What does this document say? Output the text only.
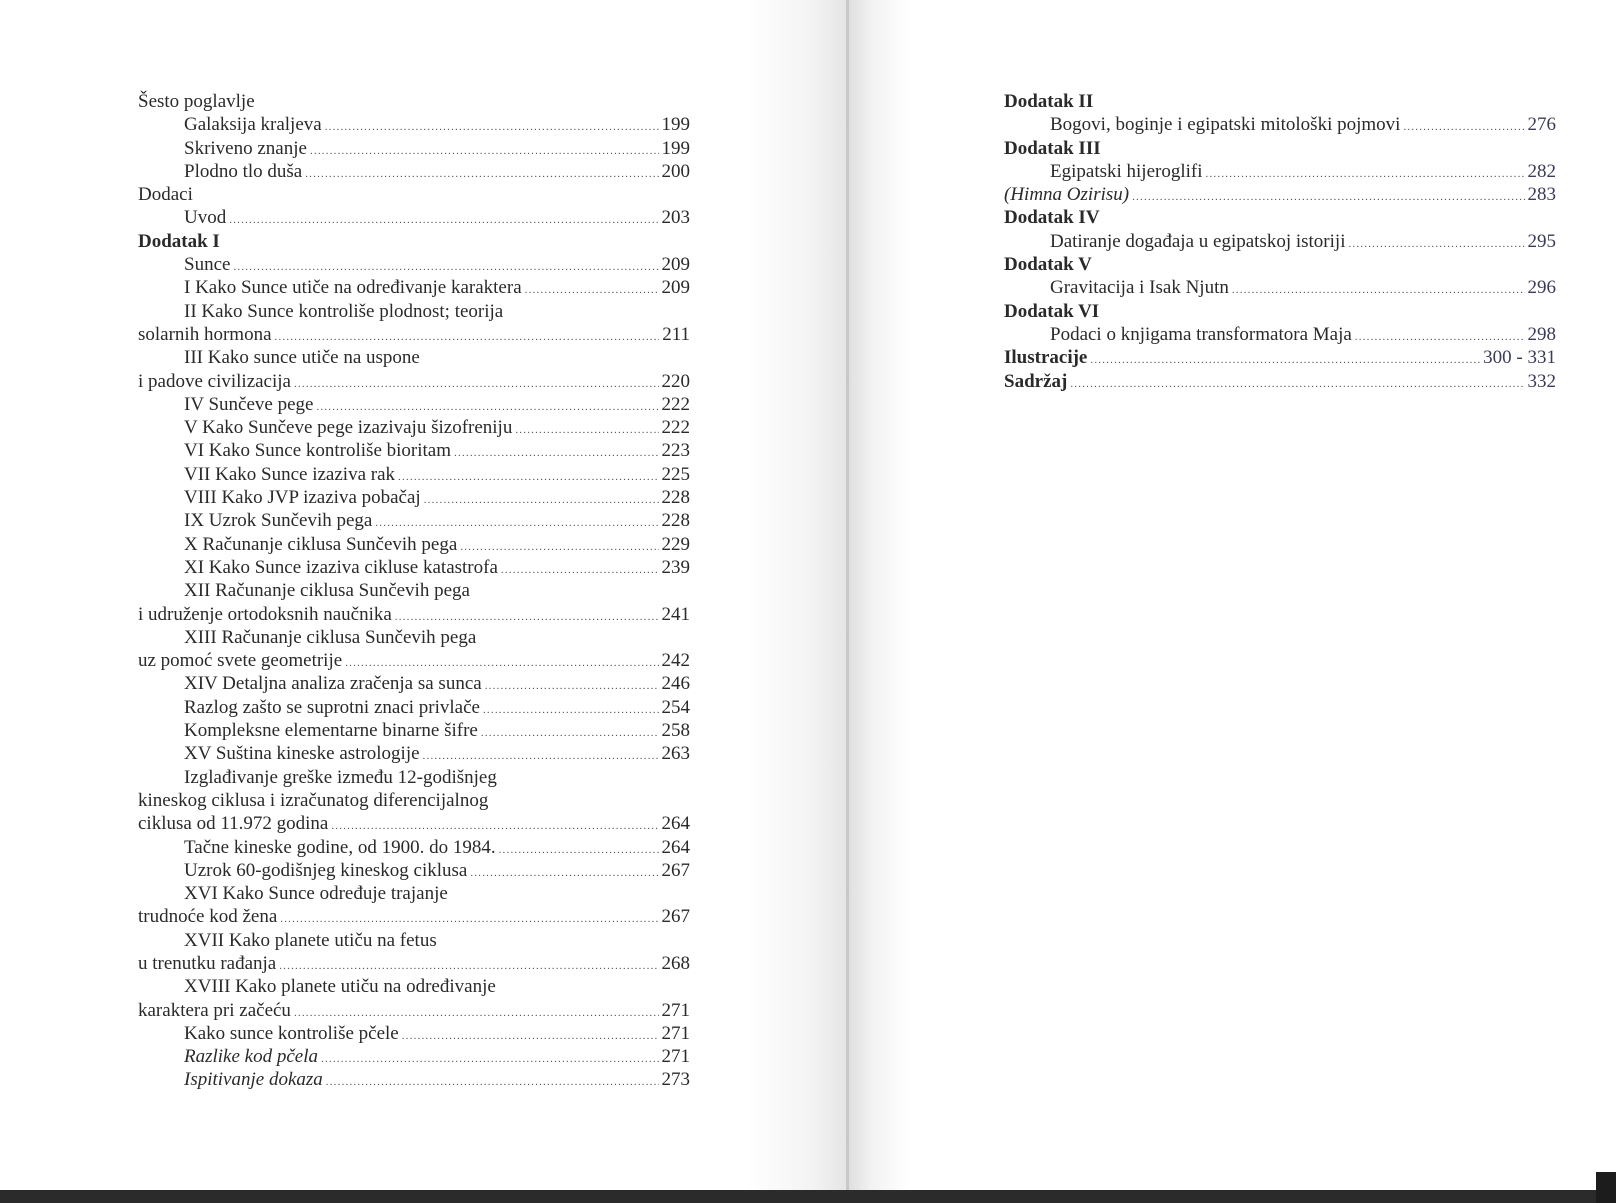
Šesto poglavlje
Galaksija kraljeva .....	199
Skriveno znanje .....	199
Plodno tlo duša .....	200
Dodaci
Uvod .....	203
Dodatak I
Sunce .....	209
I Kako Sunce utiče na određivanje karaktera .....	209
II Kako Sunce kontroliše plodnost; teorija
solarnih hormona .....	211
III Kako sunce utiče na uspone
i padove civilizacija .....	220
IV Sunčeve pege .....	222
V Kako Sunčeve pege izazivaju šizofreniju .....	222
VI Kako Sunce kontroliše bioritam .....	223
VII Kako Sunce izaziva rak .....	225
VIII Kako JVP izaziva pobačaj .....	228
IX Uzrok Sunčevih pega .....	228
X Računanje ciklusa Sunčevih pega .....	229
XI Kako Sunce izaziva cikluse katastrofa .....	239
XII Računanje ciklusa Sunčevih pega
i udruženje ortodoksnih naučnika .....	241
XIII Računanje ciklusa Sunčevih pega
uz pomoć svete geometrije .....	242
XIV Detaljna analiza zračenja sa sunca .....	246
Razlog zašto se suprotni znaci privlače .....	254
Kompleksne elementarne binarne šifre .....	258
XV Suština kineske astrologije .....	263
Izglađivanje greške između 12-godišnjeg
kineskog ciklusa i izračunatog diferencijalnog
ciklusa od 11.972 godina .....	264
Tačne kineske godine, od 1900. do 1984. .....	264
Uzrok 60-godišnjeg kineskog ciklusa .....	267
XVI Kako Sunce određuje trajanje
trudnoće kod žena .....	267
XVII Kako planete utiču na fetus
u trenutku rađanja .....	268
XVIII Kako planete utiču na određivanje
karaktera pri začeću .....	271
Kako sunce kontroliše pčele .....	271
Razlike kod pčela .....	271
Ispitivanje dokaza .....	273
Dodatak II
Bogovi, boginje i egipatski mitološki pojmovi .....	276
Dodatak III
Egipatski hijeroglifi .....	282
(Himna Ozirisu) .....	283
Dodatak IV
Datiranje događaja u egipatskoj istoriji .....	295
Dodatak V
Gravitacija i Isak Njutn .....	296
Dodatak VI
Podaci o knjigama transformatora Maja .....	298
Ilustracije .....	300 - 331
Sadržaj .....	332
